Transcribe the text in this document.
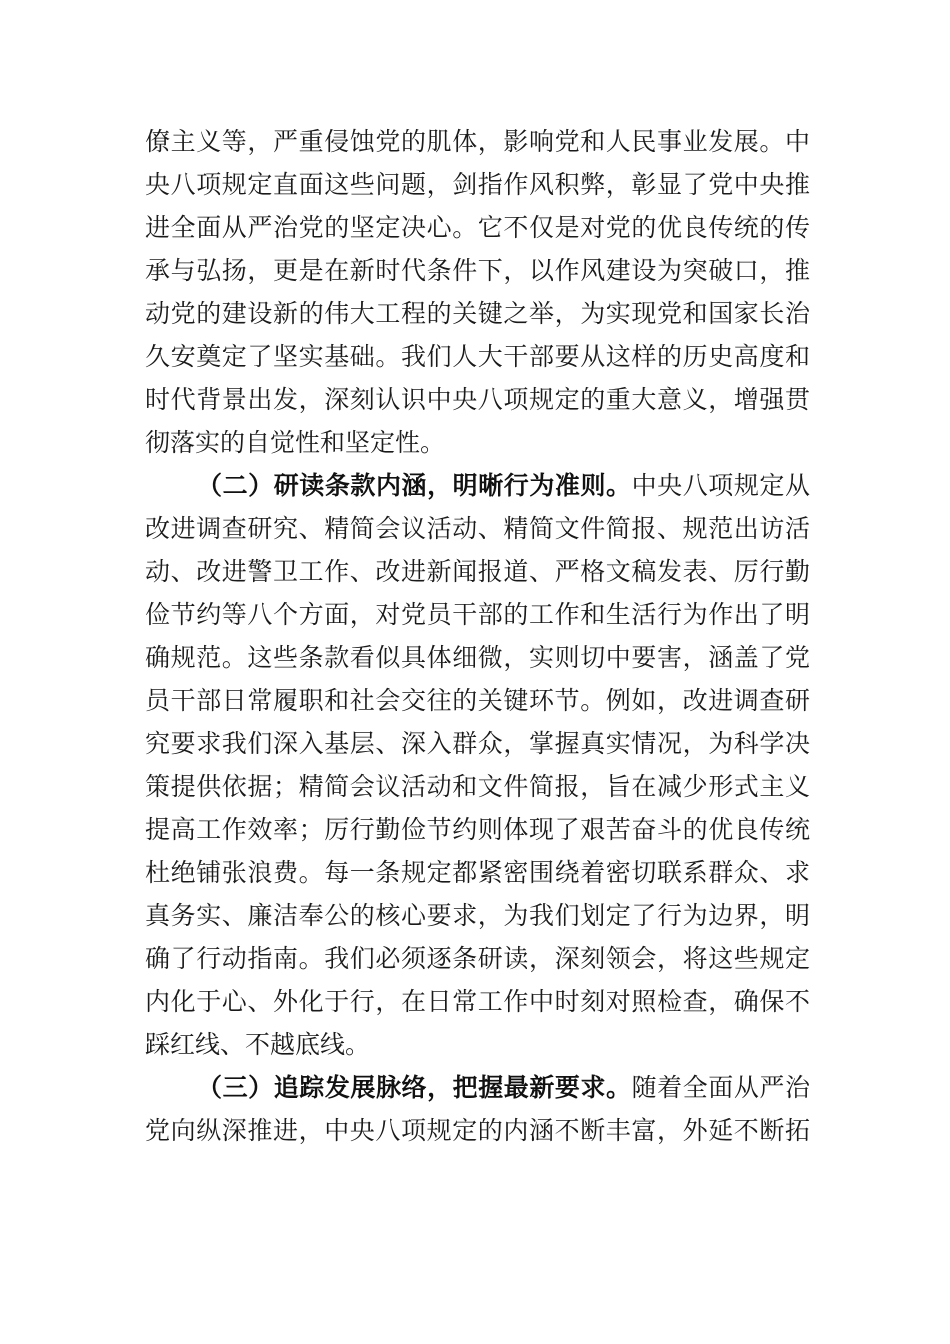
僚主义等，严重侵蚀党的肌体，影响党和人民事业发展。中
央八项规定直面这些问题，剑指作风积弊，彰显了党中央推
进全面从严治党的坚定决心。它不仅是对党的优良传统的传
承与弘扬，更是在新时代条件下，以作风建设为突破口，推
动党的建设新的伟大工程的关键之举，为实现党和国家长治
久安奠定了坚实基础。我们人大干部要从这样的历史高度和
时代背景出发，深刻认识中央八项规定的重大意义，增强贯
彻落实的自觉性和坚定性。
（二）研读条款内涵，明晰行为准则。中央八项规定从
改进调查研究、精简会议活动、精简文件简报、规范出访活
动、改进警卫工作、改进新闻报道、严格文稿发表、厉行勤
俭节约等八个方面，对党员干部的工作和生活行为作出了明
确规范。这些条款看似具体细微，实则切中要害，涵盖了党
员干部日常履职和社会交往的关键环节。例如，改进调查研
究要求我们深入基层、深入群众，掌握真实情况，为科学决
策提供依据；精简会议活动和文件简报，旨在减少形式主义
提高工作效率；厉行勤俭节约则体现了艰苦奋斗的优良传统
杜绝铺张浪费。每一条规定都紧密围绕着密切联系群众、求
真务实、廉洁奉公的核心要求，为我们划定了行为边界，明
确了行动指南。我们必须逐条研读，深刻领会，将这些规定
内化于心、外化于行，在日常工作中时刻对照检查，确保不
踩红线、不越底线。
（三）追踪发展脉络，把握最新要求。随着全面从严治
党向纵深推进，中央八项规定的内涵不断丰富，外延不断拓
